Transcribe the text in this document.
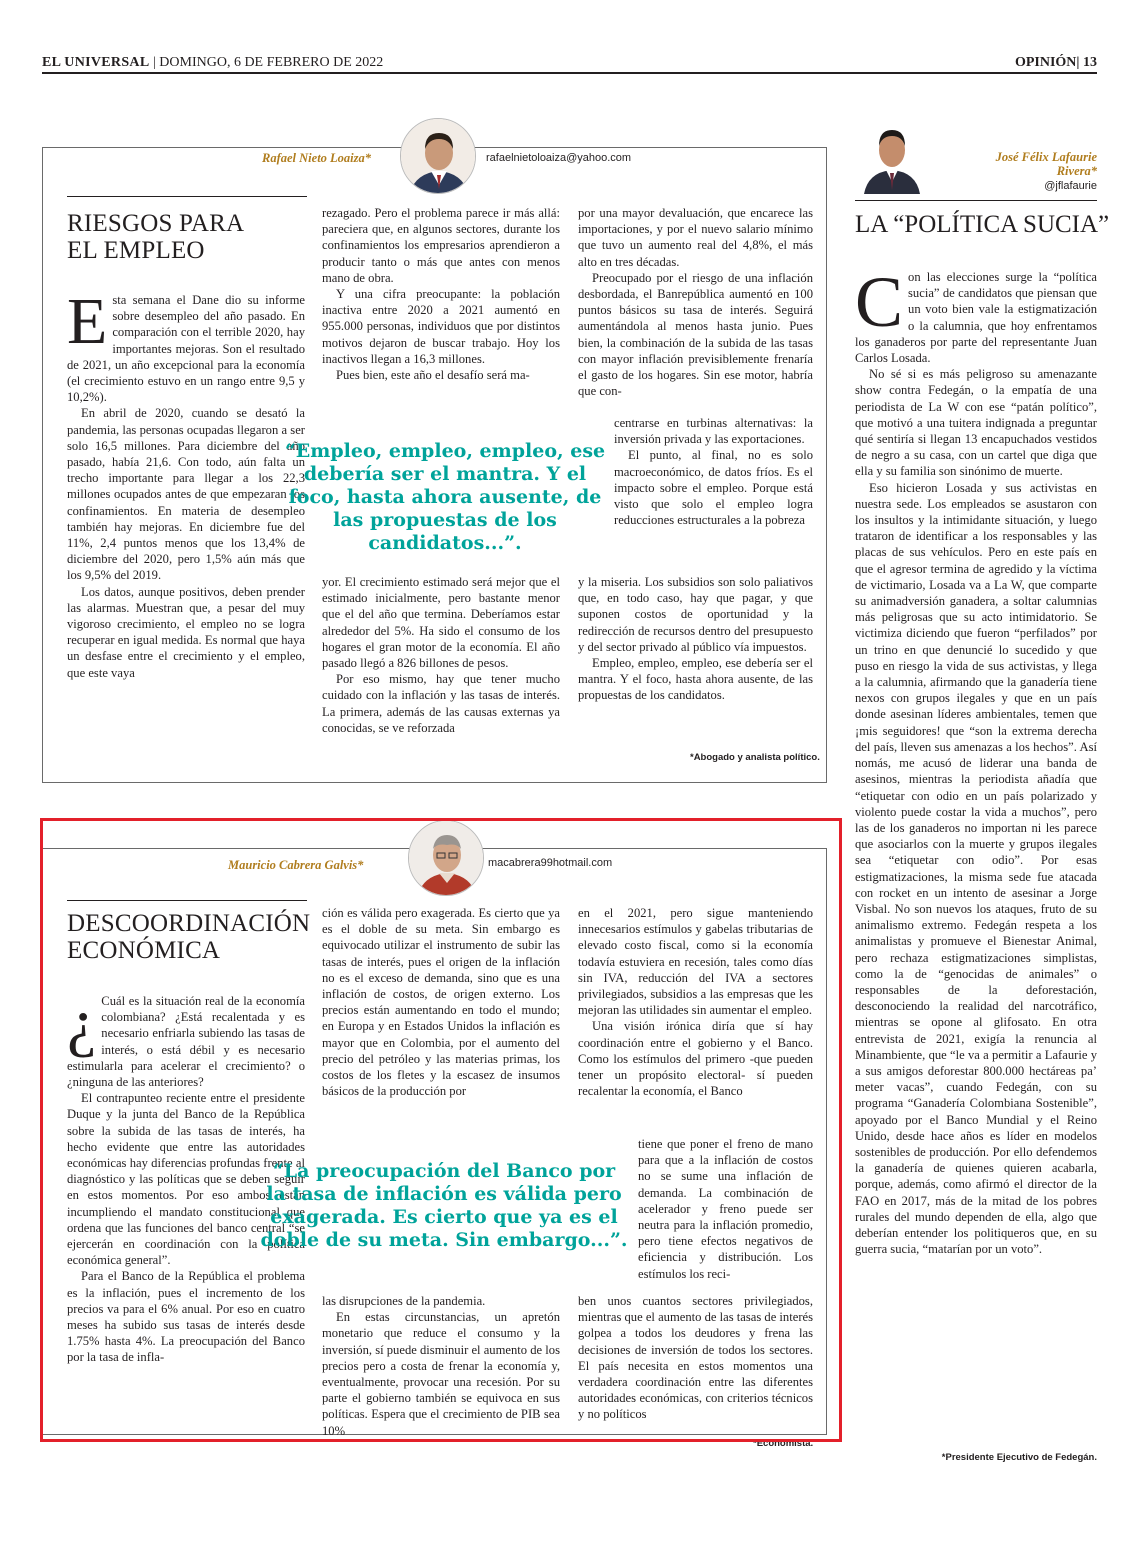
EL UNIVERSAL | DOMINGO, 6 DE FEBRERO DE 2022	OPINIÓN| 13
Rafael Nieto Loaiza*	rafaelnietoloaiza@yahoo.com
RIESGOS PARA
EL EMPLEO
E sta semana el Dane dio su informe sobre desempleo del año pasado. En comparación con el terrible 2020, hay importantes mejoras. Son el resultado de 2021, un año excepcional para la economía (el crecimiento estuvo en un rango entre 9,5 y 10,2%).

En abril de 2020, cuando se desató la pandemia, las personas ocupadas llegaron a ser solo 16,5 millones. Para diciembre del año pasado, había 21,6. Con todo, aún falta un trecho importante para llegar a los 22,3 millones ocupados antes de que empezaran los confinamientos. En materia de desempleo también hay mejoras. En diciembre fue del 11%, 2,4 puntos menos que los 13,4% de diciembre del 2020, pero 1,5% aún más que los 9,5% del 2019.

Los datos, aunque positivos, deben prender las alarmas. Muestran que, a pesar del muy vigoroso crecimiento, el empleo no se logra recuperar en igual medida. Es normal que haya un desfase entre el crecimiento y el empleo, que este vaya

rezagado. Pero el problema parece ir más allá: pareciera que, en algunos sectores, durante los confinamientos los empresarios aprendieron a producir tanto o más que antes con menos mano de obra.

Y una cifra preocupante: la población inactiva entre 2020 a 2021 aumentó en 955.000 personas, individuos que por distintos motivos dejaron de buscar trabajo. Hoy los inactivos llegan a 16,3 millones.

Pues bien, este año el desafío será ma-

por una mayor devaluación, que encarece las importaciones, y por el nuevo salario mínimo que tuvo un aumento real del 4,8%, el más alto en tres décadas.

Preocupado por el riesgo de una inflación desbordada, el Banrepública aumentó en 100 puntos básicos su tasa de interés. Seguirá aumentándola al menos hasta junio. Pues bien, la combinación de la subida de las tasas con mayor inflación previsiblemente frenaría el gasto de los hogares. Sin ese motor, habría que con-

centrarse en turbinas alternativas: la inversión privada y las exportaciones.

El punto, al final, no es solo macroeconómico, de datos fríos. Es el impacto sobre el empleo. Porque está visto que solo el empleo logra reducciones estructurales a la pobreza

“Empleo, empleo, empleo, ese debería ser el mantra. Y el foco, hasta ahora ausente, de las propuestas de los candidatos...”.

yor. El crecimiento estimado será mejor que el estimado inicialmente, pero bastante menor que el del año que termina. Deberíamos estar alrededor del 5%. Ha sido el consumo de los hogares el gran motor de la economía. El año pasado llegó a 826 billones de pesos.

Por eso mismo, hay que tener mucho cuidado con la inflación y las tasas de interés. La primera, además de las causas externas ya conocidas, se ve reforzada

y la miseria. Los subsidios son solo paliativos que, en todo caso, hay que pagar, y que suponen costos de oportunidad y la redirección de recursos dentro del presupuesto y del sector privado al público vía impuestos.

Empleo, empleo, empleo, ese debería ser el mantra. Y el foco, hasta ahora ausente, de las propuestas de los candidatos.

*Abogado y analista político.
Mauricio Cabrera Galvis*	macabrera99hotmail.com
DESCOORDINACIÓN
ECONÓMICA
¿ Cuál es la situación real de la economía colombiana? ¿Está recalentada y es necesario enfriarla subiendo las tasas de interés, o está débil y es necesario estimularla para acelerar el crecimiento? o ¿ninguna de las anteriores?

El contrapunteo reciente entre el presidente Duque y la junta del Banco de la República sobre la subida de las tasas de interés, ha hecho evidente que entre las autoridades económicas hay diferencias profundas frente al diagnóstico y las políticas que se deben seguir en estos momentos. Por eso ambos están incumpliendo el mandato constitucional que ordena que las funciones del banco central “se ejercerán en coordinación con la política económica general”.

Para el Banco de la República el problema es la inflación, pues el incremento de los precios va para el 6% anual. Por eso en cuatro meses ha subido sus tasas de interés desde 1.75% hasta 4%. La preocupación del Banco por la tasa de infla-

ción es válida pero exagerada. Es cierto que ya es el doble de su meta. Sin embargo es equivocado utilizar el instrumento de subir las tasas de interés, pues el origen de la inflación no es el exceso de demanda, sino que es una inflación de costos, de origen externo. Los precios están aumentando en todo el mundo; en Europa y en Estados Unidos la inflación es mayor que en Colombia, por el aumento del precio del petróleo y las materias primas, los costos de los fletes y la escasez de insumos básicos de la producción por

en el 2021, pero sigue manteniendo innecesarios estímulos y gabelas tributarias de elevado costo fiscal, como si la economía todavía estuviera en recesión, tales como días sin IVA, reducción del IVA a sectores privilegiados, subsidios a las empresas que les mejoran las utilidades sin aumentar el empleo.

Una visión irónica diría que sí hay coordinación entre el gobierno y el Banco. Como los estímulos del primero -que pueden tener un propósito electoral- sí pueden recalentar la economía, el Banco

tiene que poner el freno de mano para que a la inflación de costos no se sume una inflación de demanda. La combinación de acelerador y freno puede ser neutra para la inflación promedio, pero tiene efectos negativos de eficiencia y distribución. Los estímulos los reci-

“La preocupación del Banco por la tasa de inflación es válida pero exagerada. Es cierto que ya es el doble de su meta. Sin embargo...”.

las disrupciones de la pandemia.

En estas circunstancias, un apretón monetario que reduce el consumo y la inversión, sí puede disminuir el aumento de los precios pero a costa de frenar la economía y, eventualmente, provocar una recesión. Por su parte el gobierno también se equivoca en sus políticas. Espera que el crecimiento de PIB sea 10%

ben unos cuantos sectores privilegiados, mientras que el aumento de las tasas de interés golpea a todos los deudores y frena las decisiones de inversión de todos los sectores. El país necesita en estos momentos una verdadera coordinación entre las diferentes autoridades económicas, con criterios técnicos y no políticos

*Economista.
José Félix Lafaurie
Rivera*
@jflafaurie
LA “POLÍTICA SUCIA”
C on las elecciones surge la “política sucia” de candidatos que piensan que un voto bien vale la estigmatización o la calumnia, que hoy enfrentamos los ganaderos por parte del representante Juan Carlos Losada.

No sé si es más peligroso su amenazante show contra Fedegán, o la empatía de una periodista de La W con ese “patán político”, que motivó a una tuitera indignada a preguntar qué sentiría si llegan 13 encapuchados vestidos de negro a su casa, con un cartel que diga que ella y su familia son sinónimo de muerte.

Eso hicieron Losada y sus activistas en nuestra sede. Los empleados se asustaron con los insultos y la intimidante situación, y luego trataron de identificar a los responsables y las placas de sus vehículos. Pero en este país en que el agresor termina de agredido y la víctima de victimario, Losada va a La W, que comparte su animadversión ganadera, a soltar calumnias más peligrosas que su acto intimidatorio. Se victimiza diciendo que fueron “perfilados” por un trino en que denuncié lo sucedido y que puso en riesgo la vida de sus activistas, y llega a la calumnia, afirmando que la ganadería tiene nexos con grupos ilegales y que en un país donde asesinan líderes ambientales, temen que ¡mis seguidores! que “son la extrema derecha del país, lleven sus amenazas a los hechos”. Así nomás, me acusó de liderar una banda de asesinos, mientras la periodista añadía que “etiquetar con odio en un país polarizado y violento puede costar la vida a muchos”, pero las de los ganaderos no importan ni les parece que asociarlos con la muerte y grupos ilegales sea “etiquetar con odio”. Por esas estigmatizaciones, la misma sede fue atacada con rocket en un intento de asesinar a Jorge Visbal. No son nuevos los ataques, fruto de su animalismo extremo. Fedegán respeta a los animalistas y promueve el Bienestar Animal, pero rechaza estigmatizaciones simplistas, como la de “genocidas de animales” o responsables de la deforestación, desconociendo la realidad del narcotráfico, mientras se opone al glifosato. En otra entrevista de 2021, exigía la renuncia al Minambiente, que “le va a permitir a Lafaurie y a sus amigos deforestar 800.000 hectáreas pa’ meter vacas”, cuando Fedegán, con su programa “Ganadería Colombiana Sostenible”, apoyado por el Banco Mundial y el Reino Unido, desde hace años es líder en modelos sostenibles de producción. Por ello defendemos la ganadería de quienes quieren acabarla, porque, además, como afirmó el director de la FAO en 2017, más de la mitad de los pobres rurales del mundo dependen de ella, algo que deberían entender los politiqueros que, en su guerra sucia, “matarían por un voto”.

*Presidente Ejecutivo de Fedegán.
